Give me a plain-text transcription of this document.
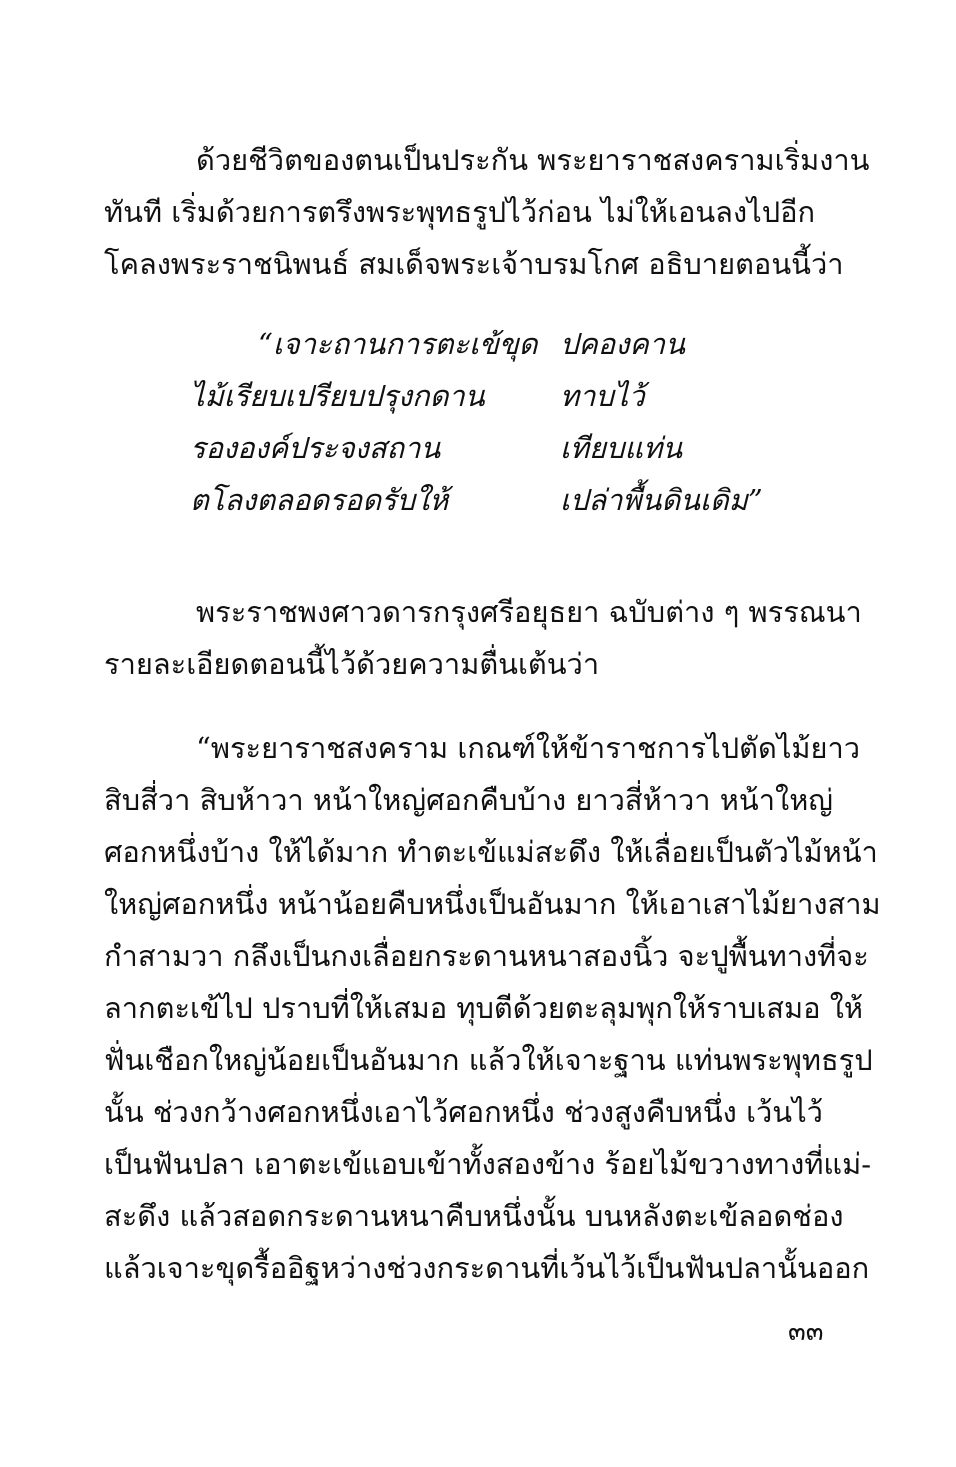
ด้วยชีวิตของตนเป็นประกัน พระยาราชสงครามเริ่มงาน
ทันที เริ่มด้วยการตรึงพระพุทธรูปไว้ก่อน ไม่ให้เอนลงไปอีก
โคลงพระราชนิพนธ์ สมเด็จพระเจ้าบรมโกศ อธิบายตอนนี้ว่า
“เจาะถานการตะเข้ขุด ปคองคาน
ไม้เรียบเปรียบปรุงกดาน	ทาบไว้
รององค์ประจงสถาน	เทียบแท่น
ตโลงตลอดรอดรับให้	เปล่าพื้นดินเดิม”
พระราชพงศาวดารกรุงศรีอยุธยา ฉบับต่าง ๆ พรรณนา
รายละเอียดตอนนี้ไว้ด้วยความตื่นเต้นว่า
“พระยาราชสงคราม เกณฑ์ให้ข้าราชการไปตัดไม้ยาว
สิบสี่วา สิบห้าวา หน้าใหญ่ศอกคืบบ้าง ยาวสี่ห้าวา หน้าใหญ่
ศอกหนึ่งบ้าง ให้ได้มาก ทำตะเข้แม่สะดึง ให้เลื่อยเป็นตัวไม้หน้า
ใหญ่ศอกหนึ่ง หน้าน้อยคืบหนึ่งเป็นอันมาก ให้เอาเสาไม้ยางสาม
กำสามวา กลึงเป็นกงเลื่อยกระดานหนาสองนิ้ว จะปูพื้นทางที่จะ
ลากตะเข้ไป ปราบที่ให้เสมอ ทุบตีด้วยตะลุมพุกให้ราบเสมอ ให้
ฟั่นเชือกใหญ่น้อยเป็นอันมาก แล้วให้เจาะฐาน แท่นพระพุทธรูป
นั้น ช่วงกว้างศอกหนึ่งเอาไว้ศอกหนึ่ง ช่วงสูงคืบหนึ่ง เว้นไว้
เป็นฟันปลา เอาตะเข้แอบเข้าทั้งสองข้าง ร้อยไม้ขวางทางที่แม่-
สะดึง แล้วสอดกระดานหนาคืบหนึ่งนั้น บนหลังตะเข้ลอดช่อง
แล้วเจาะขุดรื้ออิฐหว่างช่วงกระดานที่เว้นไว้เป็นฟันปลานั้นออก
๓๓
